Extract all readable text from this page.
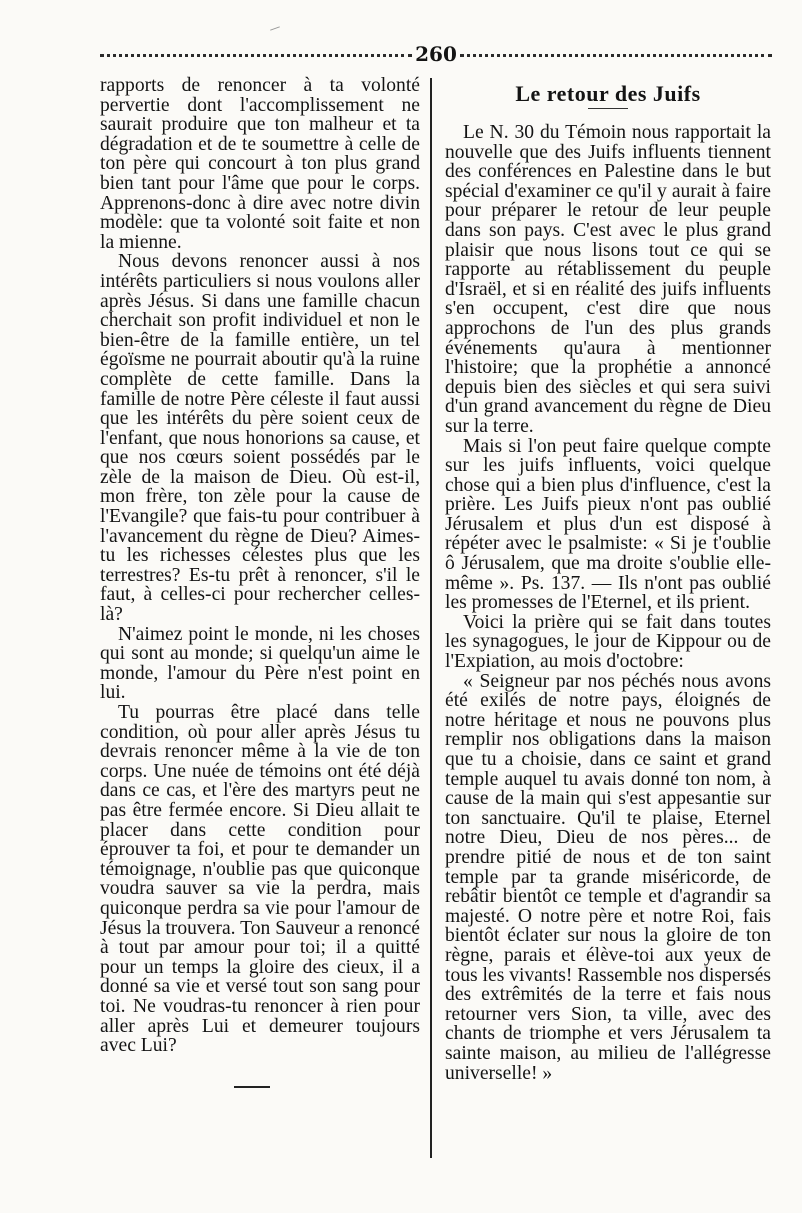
260

rapports de renoncer à ta volonté pervertie dont l'accomplissement ne saurait produire que ton malheur et ta dégradation et de te soumettre à celle de ton père qui concourt à ton plus grand bien tant pour l'âme que pour le corps. Apprenons-donc à dire avec notre divin modèle: que ta volonté soit faite et non la mienne.

Nous devons renoncer aussi à nos intérêts particuliers si nous voulons aller après Jésus. Si dans une famille chacun cherchait son profit individuel et non le bien-être de la famille entière, un tel égoïsme ne pourrait aboutir qu'à la ruine complète de cette famille. Dans la famille de notre Père céleste il faut aussi que les intérêts du père soient ceux de l'enfant, que nous honorions sa cause, et que nos cœurs soient possédés par le zèle de la maison de Dieu. Où est-il, mon frère, ton zèle pour la cause de l'Evangile? que fais-tu pour contribuer à l'avancement du règne de Dieu? Aimes-tu les richesses célestes plus que les terrestres? Es-tu prêt à renoncer, s'il le faut, à celles-ci pour rechercher celles-là?

N'aimez point le monde, ni les choses qui sont au monde; si quelqu'un aime le monde, l'amour du Père n'est point en lui.

Tu pourras être placé dans telle condition, où pour aller après Jésus tu devrais renoncer même à la vie de ton corps. Une nuée de témoins ont été déjà dans ce cas, et l'ère des martyrs peut ne pas être fermée encore. Si Dieu allait te placer dans cette condition pour éprouver ta foi, et pour te demander un témoignage, n'oublie pas que quiconque voudra sauver sa vie la perdra, mais quiconque perdra sa vie pour l'amour de Jésus la trouvera. Ton Sauveur a renoncé à tout par amour pour toi; il a quitté pour un temps la gloire des cieux, il a donné sa vie et versé tout son sang pour toi. Ne voudras-tu renoncer à rien pour aller après Lui et demeurer toujours avec Lui?

Le retour des Juifs

Le N. 30 du Témoin nous rapportait la nouvelle que des Juifs influents tiennent des conférences en Palestine dans le but spécial d'examiner ce qu'il y aurait à faire pour préparer le retour de leur peuple dans son pays. C'est avec le plus grand plaisir que nous lisons tout ce qui se rapporte au rétablissement du peuple d'Israël, et si en réalité des juifs influents s'en occupent, c'est dire que nous approchons de l'un des plus grands événements qu'aura à mentionner l'histoire; que la prophétie a annoncé depuis bien des siècles et qui sera suivi d'un grand avancement du règne de Dieu sur la terre.

Mais si l'on peut faire quelque compte sur les juifs influents, voici quelque chose qui a bien plus d'influence, c'est la prière. Les Juifs pieux n'ont pas oublié Jérusalem et plus d'un est disposé à répéter avec le psalmiste: « Si je t'oublie ô Jérusalem, que ma droite s'oublie elle-même ». Ps. 137. — Ils n'ont pas oublié les promesses de l'Eternel, et ils prient.

Voici la prière qui se fait dans toutes les synagogues, le jour de Kippour ou de l'Expiation, au mois d'octobre:

« Seigneur par nos péchés nous avons été exilés de notre pays, éloignés de notre héritage et nous ne pouvons plus remplir nos obligations dans la maison que tu a choisie, dans ce saint et grand temple auquel tu avais donné ton nom, à cause de la main qui s'est appesantie sur ton sanctuaire. Qu'il te plaise, Eternel notre Dieu, Dieu de nos pères... de prendre pitié de nous et de ton saint temple par ta grande miséricorde, de rebâtir bientôt ce temple et d'agrandir sa majesté. O notre père et notre Roi, fais bientôt éclater sur nous la gloire de ton règne, parais et élève-toi aux yeux de tous les vivants! Rassemble nos dispersés des extrêmités de la terre et fais nous retourner vers Sion, ta ville, avec des chants de triomphe et vers Jérusalem ta sainte maison, au milieu de l'allégresse universelle! »
